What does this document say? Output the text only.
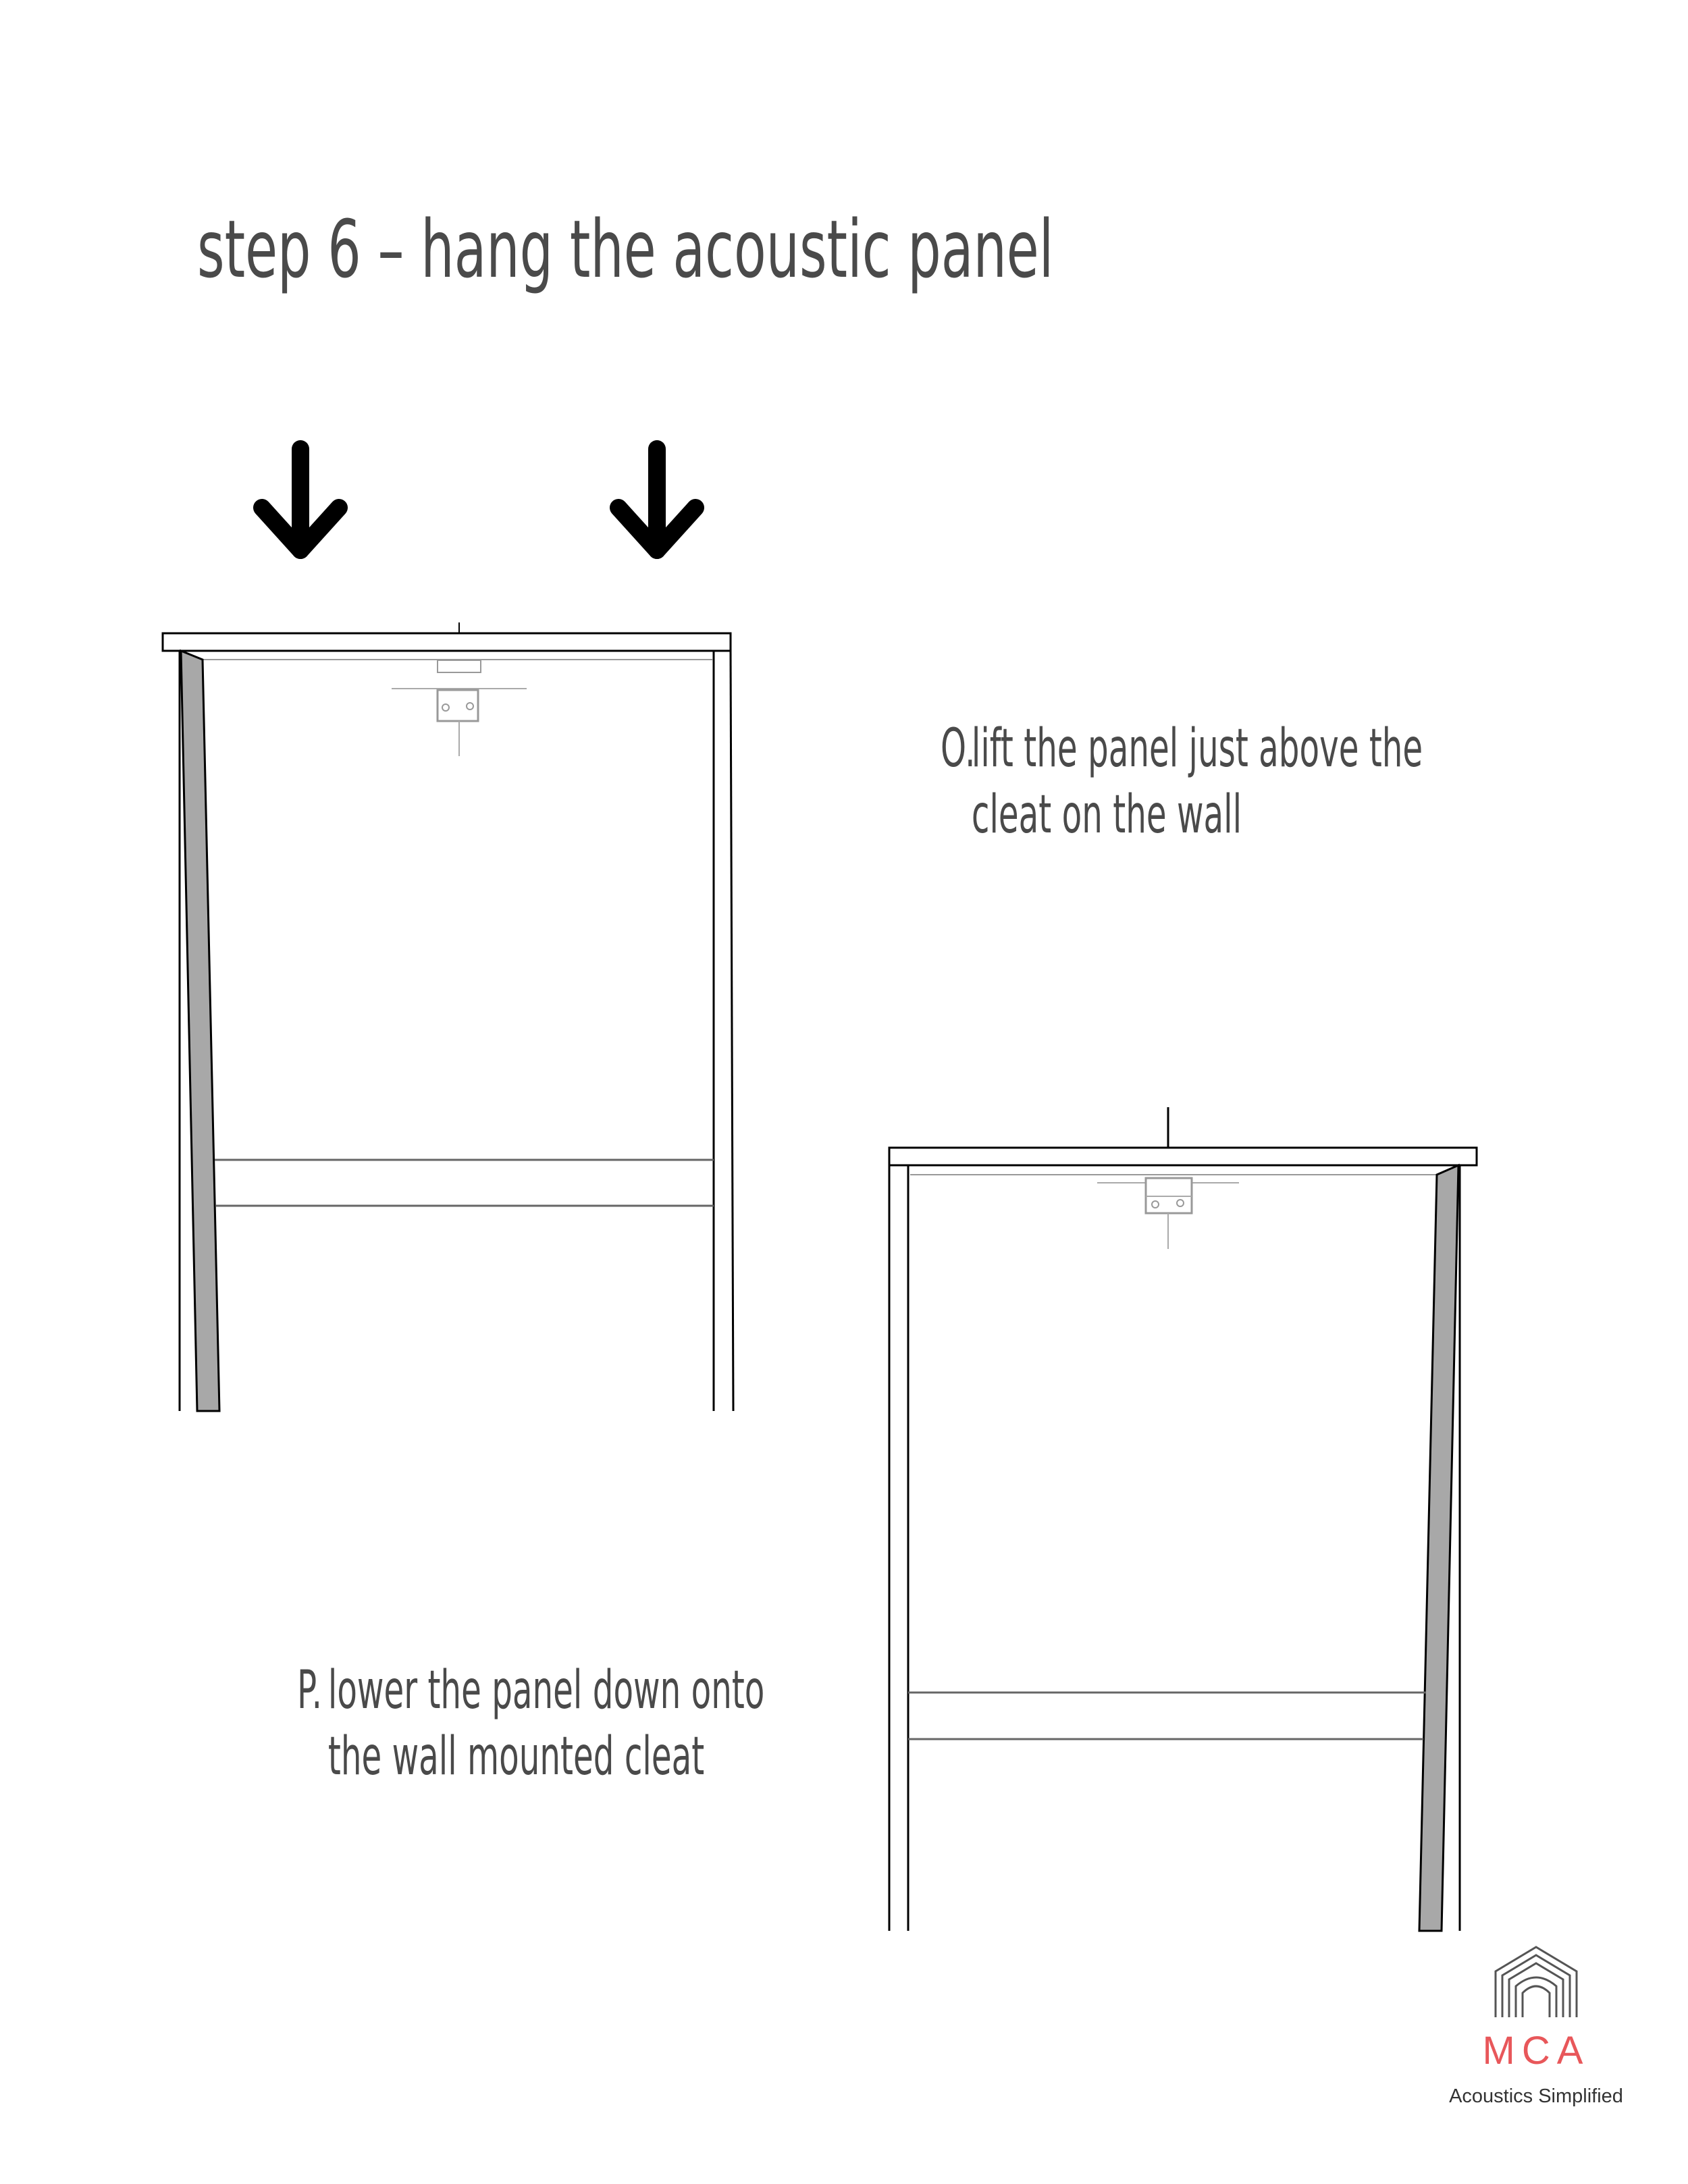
step 6 – hang the acoustic panel
O.
lift the panel just above the
cleat on the wall
P. lower the panel down onto
the wall mounted cleat
MCA
Acoustics Simplified
